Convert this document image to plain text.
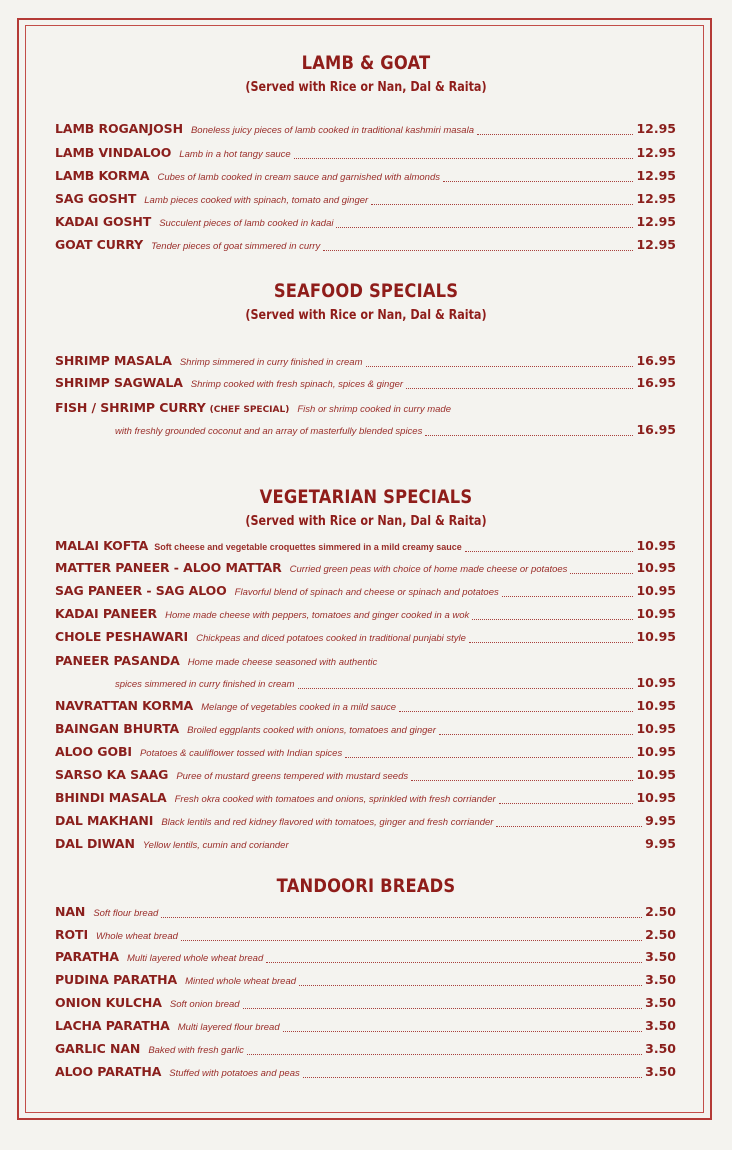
LAMB & GOAT
(Served with Rice or Nan, Dal & Raita)
LAMB ROGANJOSH Boneless juicy pieces of lamb cooked in traditional kashmiri masala	12.95
LAMB VINDALOO Lamb in a hot tangy sauce	12.95
LAMB KORMA Cubes of lamb cooked in cream sauce and garnished with almonds	12.95
SAG GOSHT Lamb pieces cooked with spinach, tomato and ginger	12.95
KADAI GOSHT Succulent pieces of lamb cooked in kadai	12.95
GOAT CURRY Tender pieces of goat simmered in curry	12.95
SEAFOOD SPECIALS
(Served with Rice or Nan, Dal & Raita)
SHRIMP MASALA Shrimp simmered in curry finished in cream	16.95
SHRIMP SAGWALA Shrimp cooked with fresh spinach, spices & ginger	16.95
FISH / SHRIMP CURRY (CHEF SPECIAL) Fish or shrimp cooked in curry made
with freshly grounded coconut and an array of masterfully blended spices	16.95
VEGETARIAN SPECIALS
(Served with Rice or Nan, Dal & Raita)
MALAI KOFTA Soft cheese and vegetable croquettes simmered in a mild creamy sauce	10.95
MATTER PANEER - ALOO MATTAR Curried green peas with choice of home made cheese or potatoes	10.95
SAG PANEER - SAG ALOO Flavorful blend of spinach and cheese or spinach and potatoes	10.95
KADAI PANEER Home made cheese with peppers, tomatoes and ginger cooked in a wok	10.95
CHOLE PESHAWARI Chickpeas and diced potatoes cooked in traditional punjabi style	10.95
PANEER PASANDA Home made cheese seasoned with authentic
spices simmered in curry finished in cream	10.95
NAVRATTAN KORMA Melange of vegetables cooked in a mild sauce	10.95
BAINGAN BHURTA Broiled eggplants cooked with onions, tomatoes and ginger	10.95
ALOO GOBI Potatoes & cauliflower tossed with Indian spices	10.95
SARSO KA SAAG Puree of mustard greens tempered with mustard seeds	10.95
BHINDI MASALA Fresh okra cooked with tomatoes and onions, sprinkled with fresh corriander	10.95
DAL MAKHANI Black lentils and red kidney flavored with tomatoes, ginger and fresh corriander	9.95
DAL DIWAN Yellow lentils, cumin and coriander	9.95
TANDOORI BREADS
NAN Soft flour bread	2.50
ROTI Whole wheat bread	2.50
PARATHA Multi layered whole wheat bread	3.50
PUDINA PARATHA Minted whole wheat bread	3.50
ONION KULCHA Soft onion bread	3.50
LACHA PARATHA Multi layered flour bread	3.50
GARLIC NAN Baked with fresh garlic	3.50
ALOO PARATHA Stuffed with potatoes and peas	3.50
